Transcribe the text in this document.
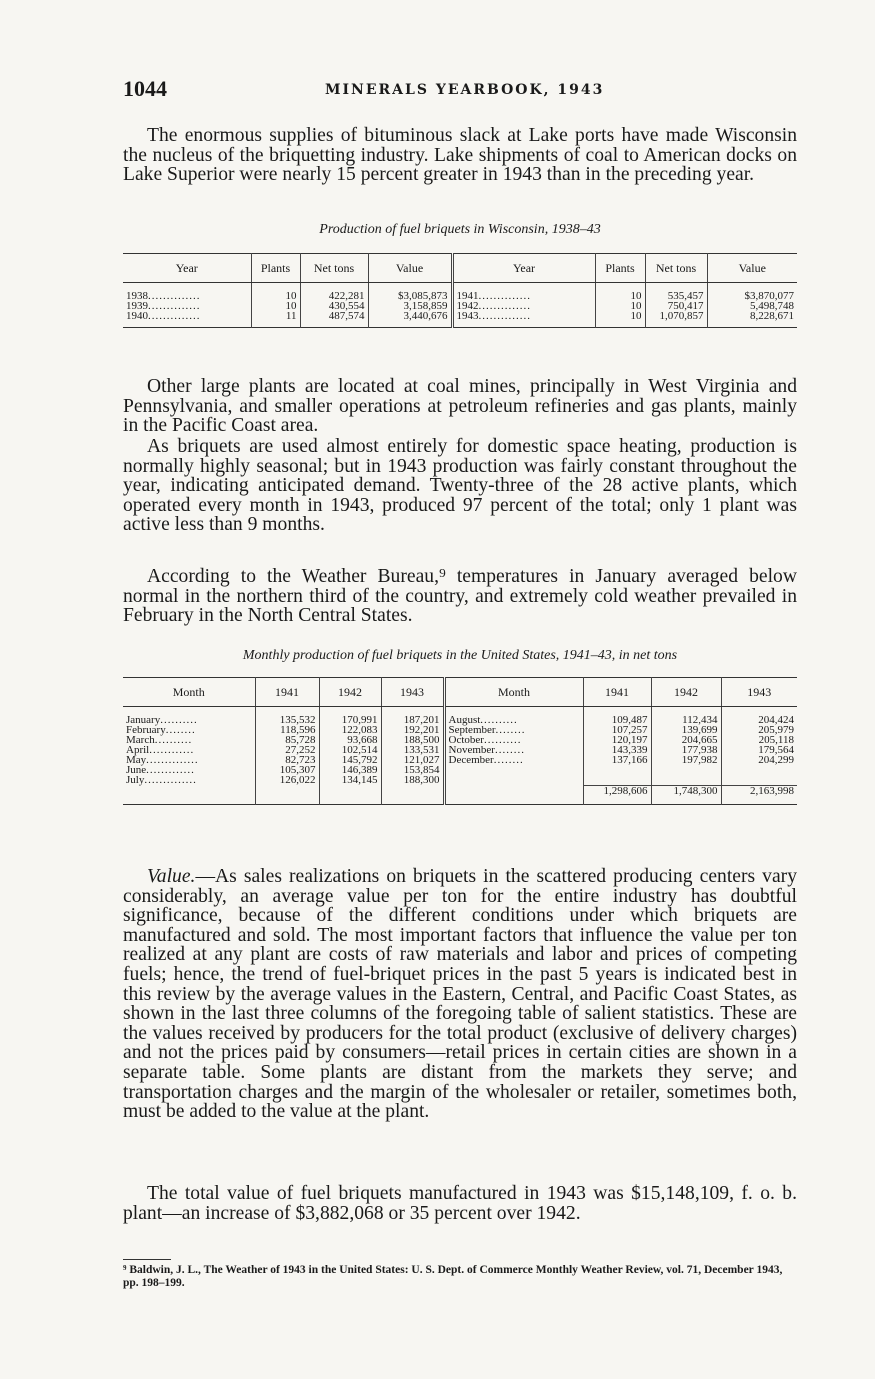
1044	MINERALS YEARBOOK, 1943

The enormous supplies of bituminous slack at Lake ports have made Wisconsin the nucleus of the briquetting industry. Lake shipments of coal to American docks on Lake Superior were nearly 15 percent greater in 1943 than in the preceding year.

Production of fuel briquets in Wisconsin, 1938–43
Year	Plants	Net tons	Value	Year	Plants	Net tons	Value

1938..............	10	422,281	$3,085,873	1941..............	10	535,457	$3,870,077
1939..............	10	430,554	3,158,859	1942..............	10	750,417	5,498,748
1940..............	11	487,574	3,440,676	1943..............	10	1,070,857	8,228,671

Other large plants are located at coal mines, principally in West Virginia and Pennsylvania, and smaller operations at petroleum refineries and gas plants, mainly in the Pacific Coast area.

As briquets are used almost entirely for domestic space heating, production is normally highly seasonal; but in 1943 production was fairly constant throughout the year, indicating anticipated demand. Twenty-three of the 28 active plants, which operated every month in 1943, produced 97 percent of the total; only 1 plant was active less than 9 months.

According to the Weather Bureau,⁹ temperatures in January averaged below normal in the northern third of the country, and extremely cold weather prevailed in February in the North Central States.

Monthly production of fuel briquets in the United States, 1941–43, in net tons
Month	1941	1942	1943	Month	1941	1942	1943

January..........	135,532	170,991	187,201	August..........	109,487	112,434	204,424
February........	118,596	122,083	192,201	September........	107,257	139,699	205,979
March..........	85,728	93,668	188,500	October..........	120,197	204,665	205,118
April............	27,252	102,514	133,531	November........	143,339	177,938	179,564
May..............	82,723	145,792	121,027	December........	137,166	197,982	204,299
June.............	105,307	146,389	153,854				
July..............	126,022	134,145	188,300				
					1,298,606	1,748,300	2,163,998

Value.—As sales realizations on briquets in the scattered producing centers vary considerably, an average value per ton for the entire industry has doubtful significance, because of the different conditions under which briquets are manufactured and sold. The most important factors that influence the value per ton realized at any plant are costs of raw materials and labor and prices of competing fuels; hence, the trend of fuel-briquet prices in the past 5 years is indicated best in this review by the average values in the Eastern, Central, and Pacific Coast States, as shown in the last three columns of the foregoing table of salient statistics. These are the values received by producers for the total product (exclusive of delivery charges) and not the prices paid by consumers—retail prices in certain cities are shown in a separate table. Some plants are distant from the markets they serve; and transportation charges and the margin of the wholesaler or retailer, sometimes both, must be added to the value at the plant.

The total value of fuel briquets manufactured in 1943 was $15,148,109, f. o. b. plant—an increase of $3,882,068 or 35 percent over 1942.

⁹ Baldwin, J. L., The Weather of 1943 in the United States: U. S. Dept. of Commerce Monthly Weather Review, vol. 71, December 1943, pp. 198–199.
